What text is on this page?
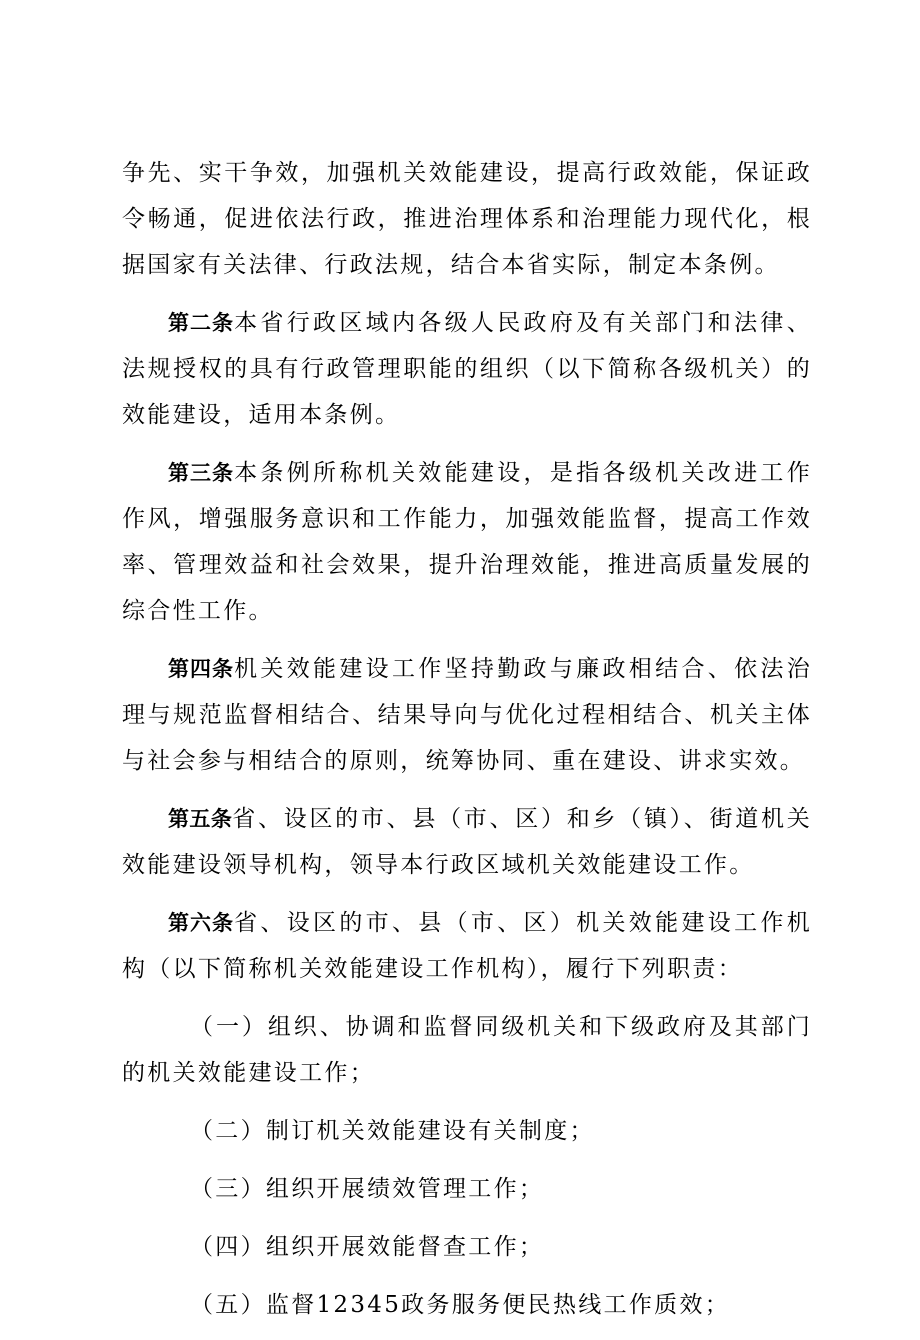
争先、实干争效，加强机关效能建设，提高行政效能，保证政令畅通，促进依法行政，推进治理体系和治理能力现代化，根据国家有关法律、行政法规，结合本省实际，制定本条例。

第二条本省行政区域内各级人民政府及有关部门和法律、法规授权的具有行政管理职能的组织（以下简称各级机关）的效能建设，适用本条例。

第三条本条例所称机关效能建设，是指各级机关改进工作作风，增强服务意识和工作能力，加强效能监督，提高工作效率、管理效益和社会效果，提升治理效能，推进高质量发展的综合性工作。

第四条机关效能建设工作坚持勤政与廉政相结合、依法治理与规范监督相结合、结果导向与优化过程相结合、机关主体与社会参与相结合的原则，统筹协同、重在建设、讲求实效。

第五条省、设区的市、县（市、区）和乡（镇）、街道机关效能建设领导机构，领导本行政区域机关效能建设工作。

第六条省、设区的市、县（市、区）机关效能建设工作机构（以下简称机关效能建设工作机构），履行下列职责：

（一）组织、协调和监督同级机关和下级政府及其部门的机关效能建设工作；

（二）制订机关效能建设有关制度；

（三）组织开展绩效管理工作；

（四）组织开展效能督查工作；

（五）监督12345政务服务便民热线工作质效；
